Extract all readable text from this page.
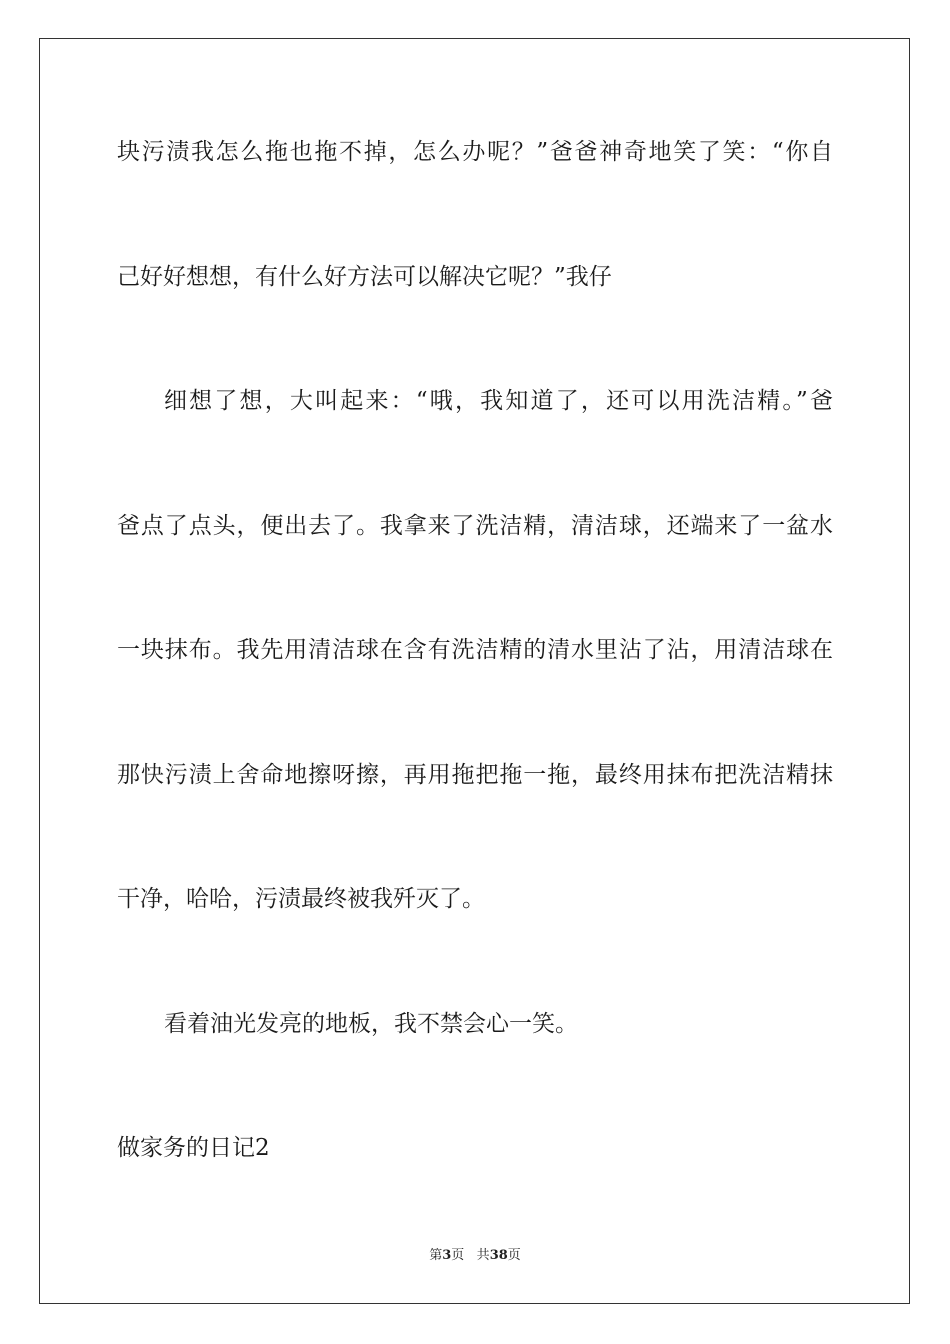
块污渍我怎么拖也拖不掉，怎么办呢？”爸爸神奇地笑了笑：“你自
己好好想想，有什么好方法可以解决它呢？”我仔
细想了想，大叫起来：“哦，我知道了，还可以用洗洁精。”爸
爸点了点头，便出去了。我拿来了洗洁精，清洁球，还端来了一盆水
一块抹布。我先用清洁球在含有洗洁精的清水里沾了沾，用清洁球在
那快污渍上舍命地擦呀擦，再用拖把拖一拖，最终用抹布把洗洁精抹
干净，哈哈，污渍最终被我歼灭了。
看着油光发亮的地板，我不禁会心一笑。
做家务的日记2
第3页 共38页
